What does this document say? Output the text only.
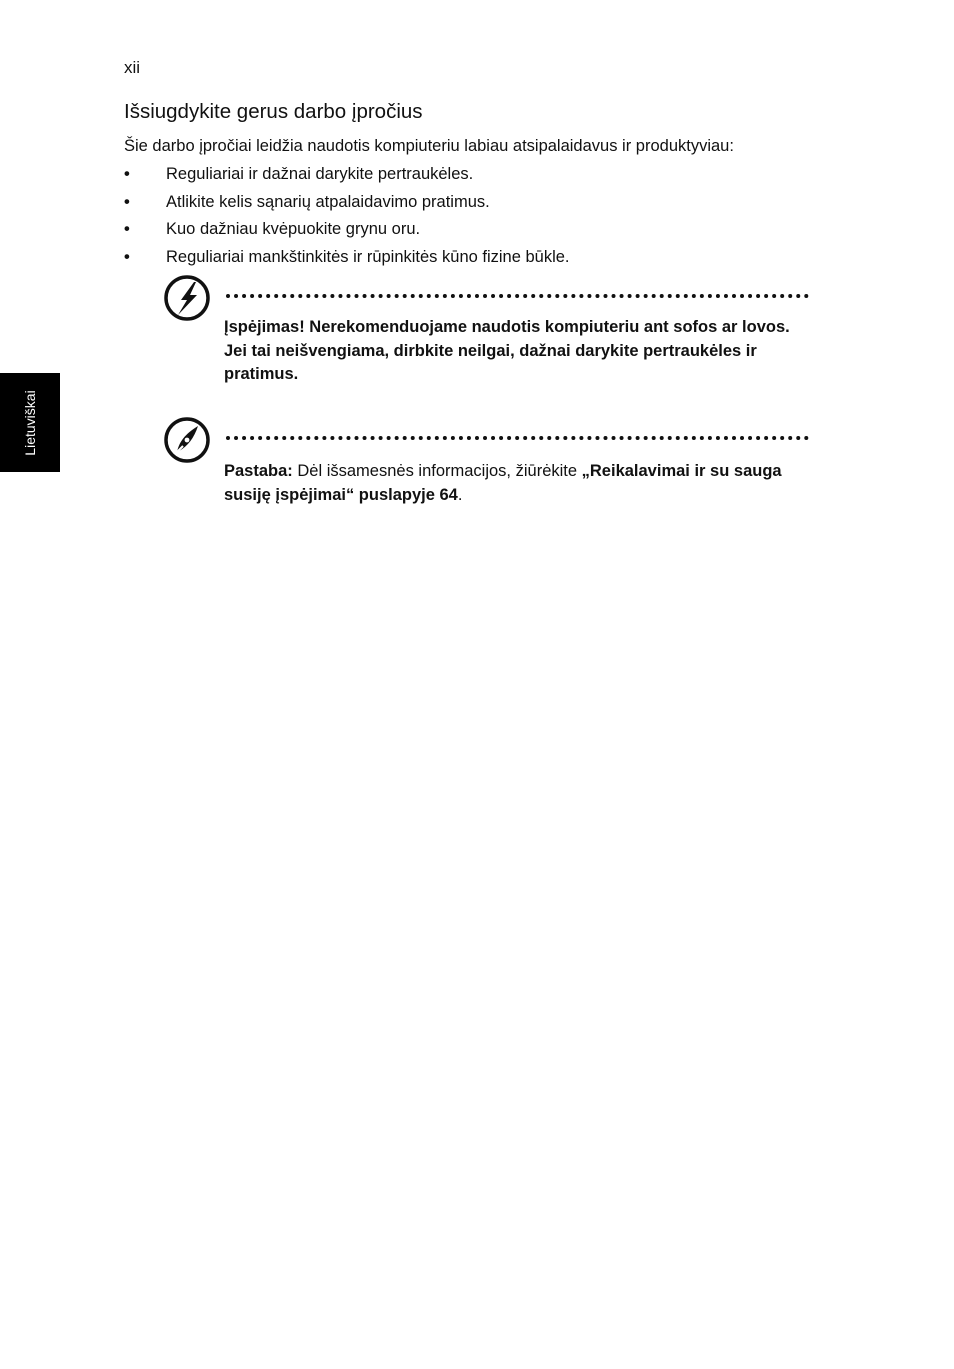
xii
Išsiugdykite gerus darbo įpročius
Šie darbo įpročiai leidžia naudotis kompiuteriu labiau atsipalaidavus ir produktyviau:
• Reguliariai ir dažnai darykite pertraukėles.
• Atlikite kelis sąnarių atpalaidavimo pratimus.
• Kuo dažniau kvėpuokite grynu oru.
• Reguliariai mankštinkitės ir rūpinkitės kūno fizine būkle.
Lietuviškai
Įspėjimas! Nerekomenduojame naudotis kompiuteriu ant sofos ar lovos. Jei tai neišvengiama, dirbkite neilgai, dažnai darykite pertraukėles ir pratimus.
Pastaba: Dėl išsamesnės informacijos, žiūrėkite „Reikalavimai ir su sauga susiję įspėjimai“ puslapyje 64.
